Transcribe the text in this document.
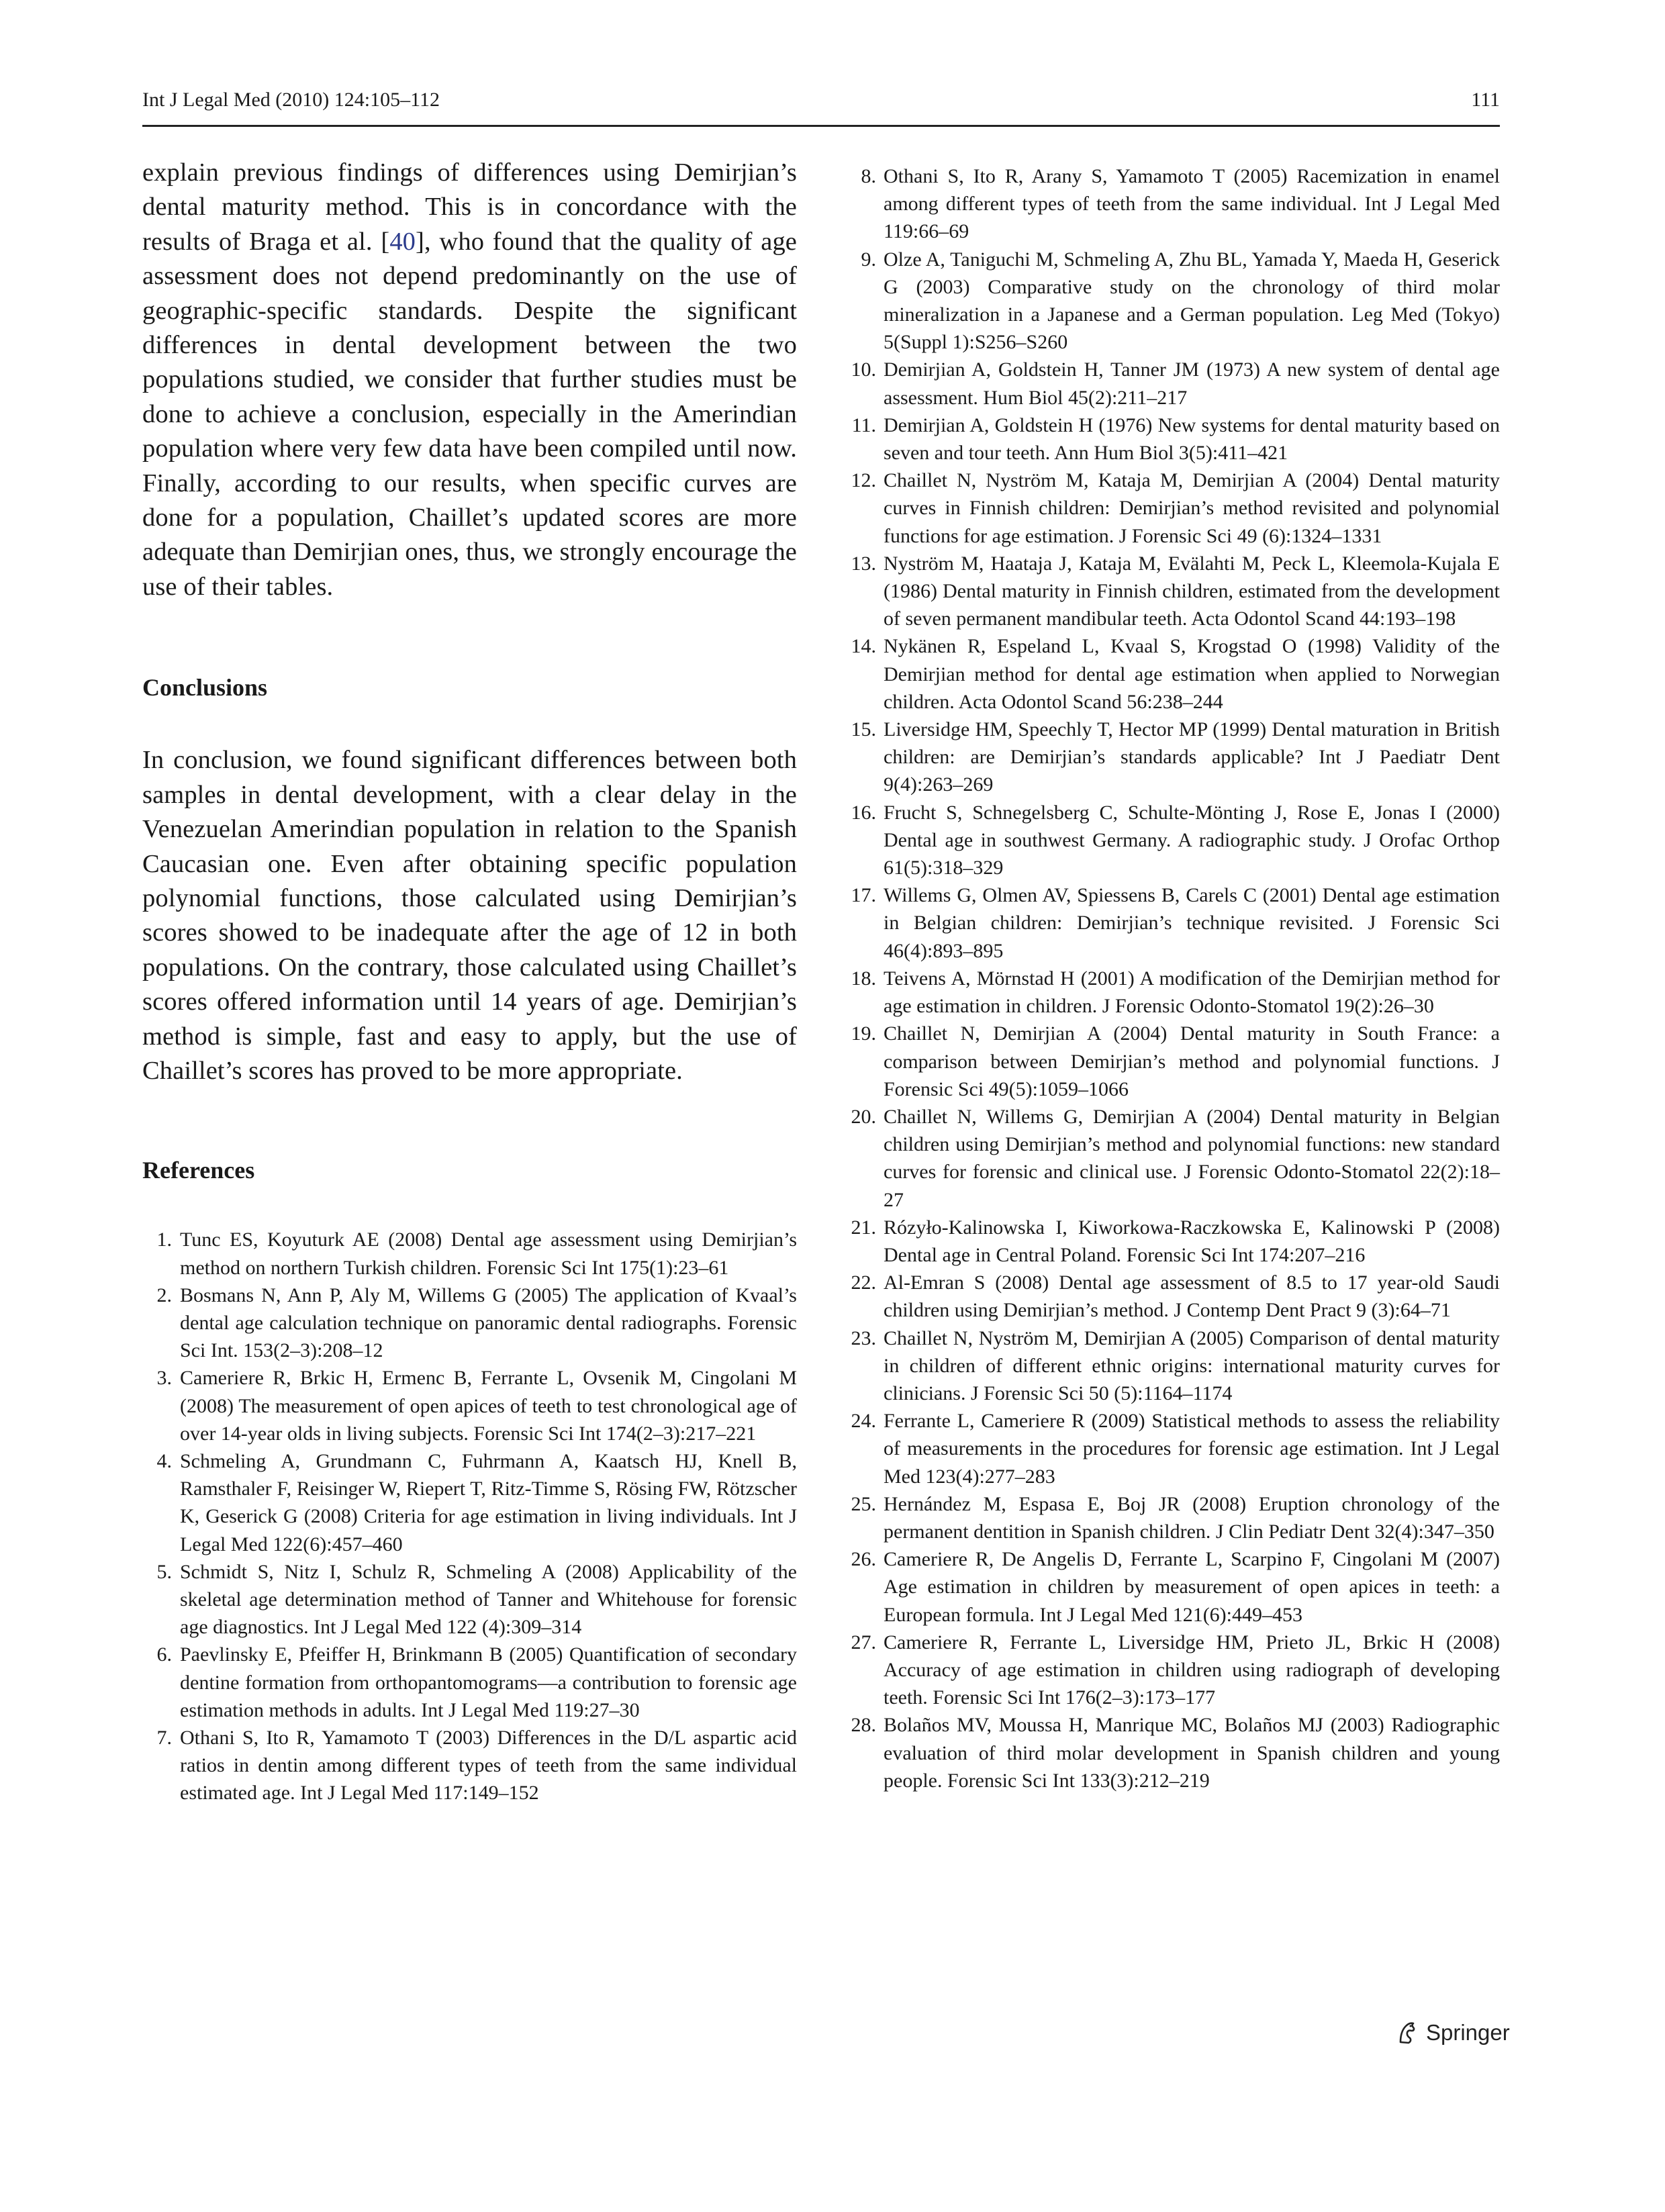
Int J Legal Med (2010) 124:105–112	111

explain previous findings of differences using Demirjian’s dental maturity method. This is in concordance with the results of Braga et al. [40], who found that the quality of age assessment does not depend predominantly on the use of geographic-specific standards. Despite the significant differences in dental development between the two populations studied, we consider that further studies must be done to achieve a conclusion, especially in the Amerindian population where very few data have been compiled until now. Finally, according to our results, when specific curves are done for a population, Chaillet’s updated scores are more adequate than Demirjian ones, thus, we strongly encourage the use of their tables.

Conclusions

In conclusion, we found significant differences between both samples in dental development, with a clear delay in the Venezuelan Amerindian population in relation to the Spanish Caucasian one. Even after obtaining specific population polynomial functions, those calculated using Demirjian’s scores showed to be inadequate after the age of 12 in both populations. On the contrary, those calculated using Chaillet’s scores offered information until 14 years of age. Demirjian’s method is simple, fast and easy to apply, but the use of Chaillet’s scores has proved to be more appropriate.

References
1. Tunc ES, Koyuturk AE (2008) Dental age assessment using Demirjian’s method on northern Turkish children. Forensic Sci Int 175(1):23–61
2. Bosmans N, Ann P, Aly M, Willems G (2005) The application of Kvaal’s dental age calculation technique on panoramic dental radiographs. Forensic Sci Int. 153(2–3):208–12
3. Cameriere R, Brkic H, Ermenc B, Ferrante L, Ovsenik M, Cingolani M (2008) The measurement of open apices of teeth to test chronological age of over 14-year olds in living subjects. Forensic Sci Int 174(2–3):217–221
4. Schmeling A, Grundmann C, Fuhrmann A, Kaatsch HJ, Knell B, Ramsthaler F, Reisinger W, Riepert T, Ritz-Timme S, Rösing FW, Rötzscher K, Geserick G (2008) Criteria for age estimation in living individuals. Int J Legal Med 122(6):457–460
5. Schmidt S, Nitz I, Schulz R, Schmeling A (2008) Applicability of the skeletal age determination method of Tanner and Whitehouse for forensic age diagnostics. Int J Legal Med 122 (4):309–314
6. Paevlinsky E, Pfeiffer H, Brinkmann B (2005) Quantification of secondary dentine formation from orthopantomograms—a contribution to forensic age estimation methods in adults. Int J Legal Med 119:27–30
7. Othani S, Ito R, Yamamoto T (2003) Differences in the D/L aspartic acid ratios in dentin among different types of teeth from the same individual estimated age. Int J Legal Med 117:149–152
8. Othani S, Ito R, Arany S, Yamamoto T (2005) Racemization in enamel among different types of teeth from the same individual. Int J Legal Med 119:66–69
9. Olze A, Taniguchi M, Schmeling A, Zhu BL, Yamada Y, Maeda H, Geserick G (2003) Comparative study on the chronology of third molar mineralization in a Japanese and a German population. Leg Med (Tokyo) 5(Suppl 1):S256–S260
10. Demirjian A, Goldstein H, Tanner JM (1973) A new system of dental age assessment. Hum Biol 45(2):211–217
11. Demirjian A, Goldstein H (1976) New systems for dental maturity based on seven and tour teeth. Ann Hum Biol 3(5):411–421
12. Chaillet N, Nyström M, Kataja M, Demirjian A (2004) Dental maturity curves in Finnish children: Demirjian’s method revisited and polynomial functions for age estimation. J Forensic Sci 49 (6):1324–1331
13. Nyström M, Haataja J, Kataja M, Evälahti M, Peck L, Kleemola-Kujala E (1986) Dental maturity in Finnish children, estimated from the development of seven permanent mandibular teeth. Acta Odontol Scand 44:193–198
14. Nykänen R, Espeland L, Kvaal S, Krogstad O (1998) Validity of the Demirjian method for dental age estimation when applied to Norwegian children. Acta Odontol Scand 56:238–244
15. Liversidge HM, Speechly T, Hector MP (1999) Dental maturation in British children: are Demirjian’s standards applicable? Int J Paediatr Dent 9(4):263–269
16. Frucht S, Schnegelsberg C, Schulte-Mönting J, Rose E, Jonas I (2000) Dental age in southwest Germany. A radiographic study. J Orofac Orthop 61(5):318–329
17. Willems G, Olmen AV, Spiessens B, Carels C (2001) Dental age estimation in Belgian children: Demirjian’s technique revisited. J Forensic Sci 46(4):893–895
18. Teivens A, Mörnstad H (2001) A modification of the Demirjian method for age estimation in children. J Forensic Odonto-Stomatol 19(2):26–30
19. Chaillet N, Demirjian A (2004) Dental maturity in South France: a comparison between Demirjian’s method and polynomial functions. J Forensic Sci 49(5):1059–1066
20. Chaillet N, Willems G, Demirjian A (2004) Dental maturity in Belgian children using Demirjian’s method and polynomial functions: new standard curves for forensic and clinical use. J Forensic Odonto-Stomatol 22(2):18–27
21. Rózyło-Kalinowska I, Kiworkowa-Raczkowska E, Kalinowski P (2008) Dental age in Central Poland. Forensic Sci Int 174:207–216
22. Al-Emran S (2008) Dental age assessment of 8.5 to 17 year-old Saudi children using Demirjian’s method. J Contemp Dent Pract 9 (3):64–71
23. Chaillet N, Nyström M, Demirjian A (2005) Comparison of dental maturity in children of different ethnic origins: international maturity curves for clinicians. J Forensic Sci 50 (5):1164–1174
24. Ferrante L, Cameriere R (2009) Statistical methods to assess the reliability of measurements in the procedures for forensic age estimation. Int J Legal Med 123(4):277–283
25. Hernández M, Espasa E, Boj JR (2008) Eruption chronology of the permanent dentition in Spanish children. J Clin Pediatr Dent 32(4):347–350
26. Cameriere R, De Angelis D, Ferrante L, Scarpino F, Cingolani M (2007) Age estimation in children by measurement of open apices in teeth: a European formula. Int J Legal Med 121(6):449–453
27. Cameriere R, Ferrante L, Liversidge HM, Prieto JL, Brkic H (2008) Accuracy of age estimation in children using radiograph of developing teeth. Forensic Sci Int 176(2–3):173–177
28. Bolaños MV, Moussa H, Manrique MC, Bolaños MJ (2003) Radiographic evaluation of third molar development in Spanish children and young people. Forensic Sci Int 133(3):212–219
Springer
